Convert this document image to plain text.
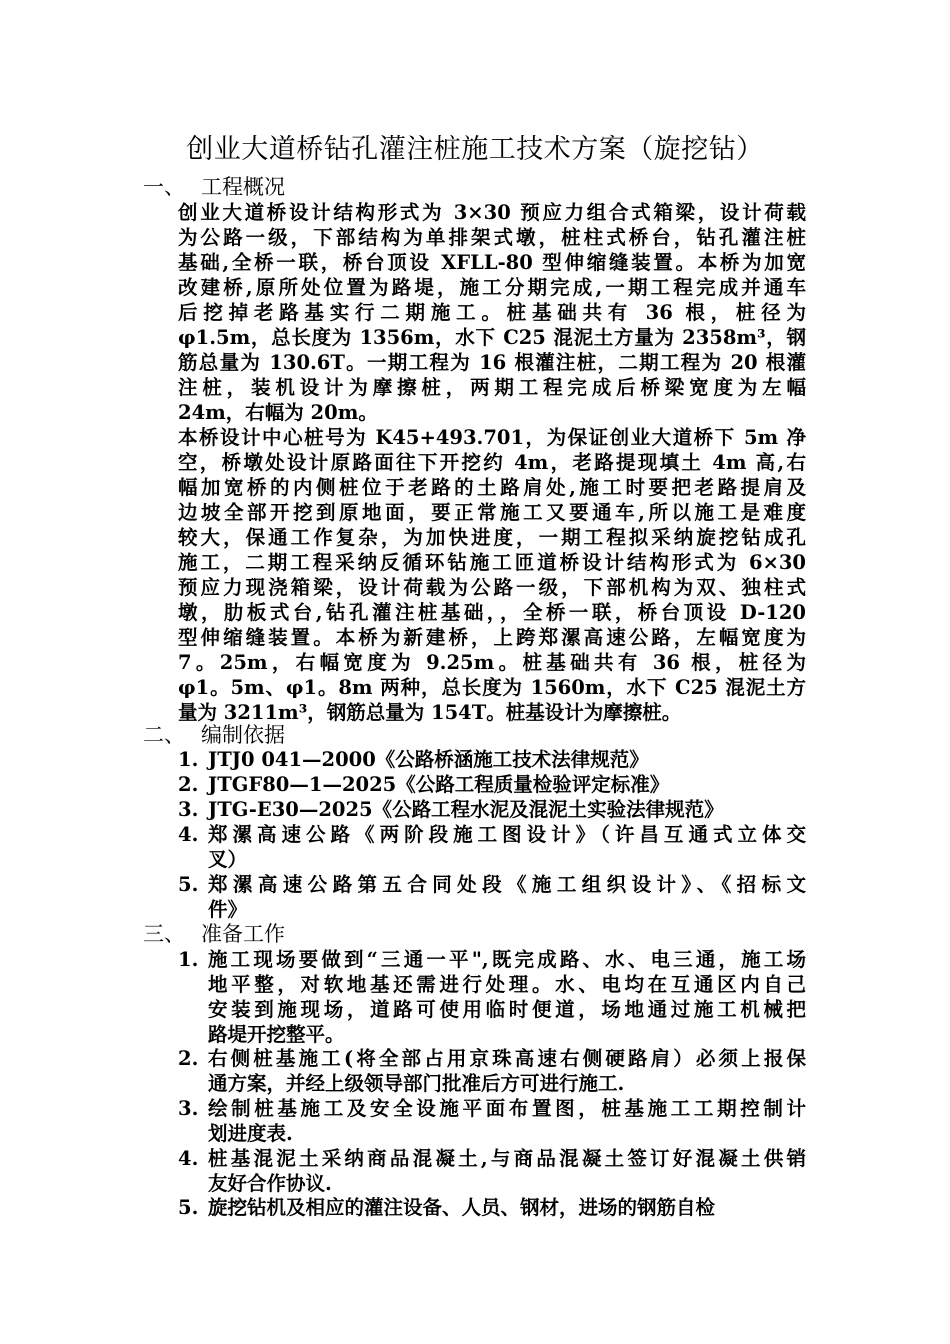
创业大道桥钻孔灌注桩施工技术方案（旋挖钻）
一、 工程概况
创业大道桥设计结构形式为 3×30 预应力组合式箱梁，设计荷载
为公路一级，下部结构为单排架式墩，桩柱式桥台，钻孔灌注桩
基础,全桥一联，桥台顶设 XFLL-80 型伸缩缝装置。本桥为加宽
改建桥,原所处位置为路堤，施工分期完成,一期工程完成并通车
后挖掉老路基实行二期施工。桩基础共有 36 根，桩径为
φ1.5m，总长度为 1356m，水下 C25 混泥土方量为 2358m³，钢
筋总量为 130.6T。一期工程为 16 根灌注桩，二期工程为 20 根灌
注桩，装机设计为摩擦桩，两期工程完成后桥梁宽度为左幅
24m，右幅为 20m。
本桥设计中心桩号为 K45+493.701，为保证创业大道桥下 5m 净
空，桥墩处设计原路面往下开挖约 4m，老路提现填土 4m 高,右
幅加宽桥的内侧桩位于老路的土路肩处,施工时要把老路提肩及
边坡全部开挖到原地面，要正常施工又要通车,所以施工是难度
较大，保通工作复杂，为加快进度，一期工程拟采纳旋挖钻成孔
施工，二期工程采纳反循环钻施工匝道桥设计结构形式为 6×30
预应力现浇箱梁，设计荷载为公路一级，下部机构为双、独柱式
墩，肋板式台,钻孔灌注桩基础，，全桥一联，桥台顶设 D-120
型伸缩缝装置。本桥为新建桥，上跨郑漯高速公路，左幅宽度为
7。25m，右幅宽度为 9.25m。桩基础共有 36 根，桩径为
φ1。5m、φ1。8m 两种，总长度为 1560m，水下 C25 混泥土方
量为 3211m³，钢筋总量为 154T。桩基设计为摩擦桩。
二、 编制依据
1. JTJ0 041—2000《公路桥涵施工技术法律规范》
2. JTGF80—1—2025《公路工程质量检验评定标准》
3. JTG-E30—2025《公路工程水泥及混泥土实验法律规范》
4. 郑漯高速公路《两阶段施工图设计》（许昌互通式立体交
叉）
5. 郑漯高速公路第五合同处段《施工组织设计》、《招标文
件》
三、 准备工作
1. 施工现场要做到“三通一平",既完成路、水、电三通，施工场
地平整，对软地基还需进行处理。水、电均在互通区内自己
安装到施现场，道路可使用临时便道，场地通过施工机械把
路堤开挖整平。
2. 右侧桩基施工(将全部占用京珠高速右侧硬路肩）必须上报保
通方案，并经上级领导部门批准后方可进行施工.
3. 绘制桩基施工及安全设施平面布置图，桩基施工工期控制计
划进度表.
4. 桩基混泥土采纳商品混凝土,与商品混凝土签订好混凝土供销
友好合作协议.
5. 旋挖钻机及相应的灌注设备、人员、钢材，进场的钢筋自检
